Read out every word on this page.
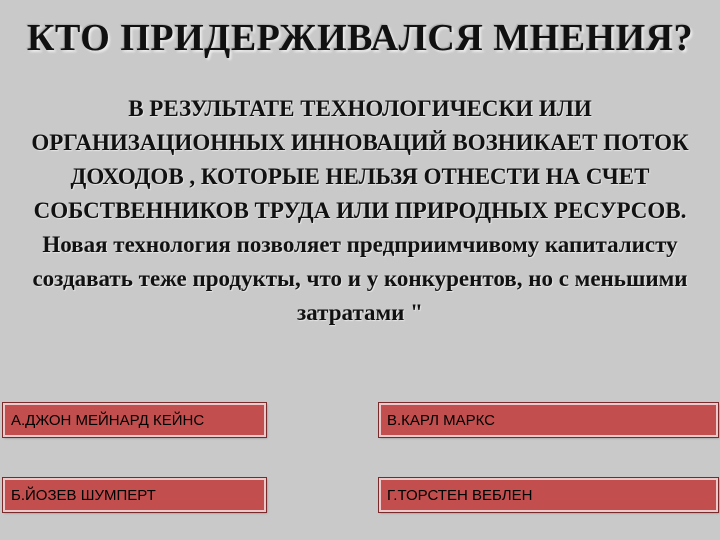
КТО ПРИДЕРЖИВАЛСЯ МНЕНИЯ?
В РЕЗУЛЬТАТЕ ТЕХНОЛОГИЧЕСКИ ИЛИ ОРГАНИЗАЦИОННЫХ ИННОВАЦИЙ ВОЗНИКАЕТ ПОТОК ДОХОДОВ , КОТОРЫЕ НЕЛЬЗЯ ОТНЕСТИ НА СЧЕТ СОБСТВЕННИКОВ ТРУДА ИЛИ ПРИРОДНЫХ РЕСУРСОВ. Новая технология позволяет предприимчивому капиталисту создавать теже продукты, что и у конкурентов, но с меньшими затратами "
А.ДЖОН МЕЙНАРД КЕЙНС	В.КАРЛ МАРКС
Б.ЙОЗЕВ ШУМПЕРТ	Г.ТОРСТЕН ВЕБЛЕН
